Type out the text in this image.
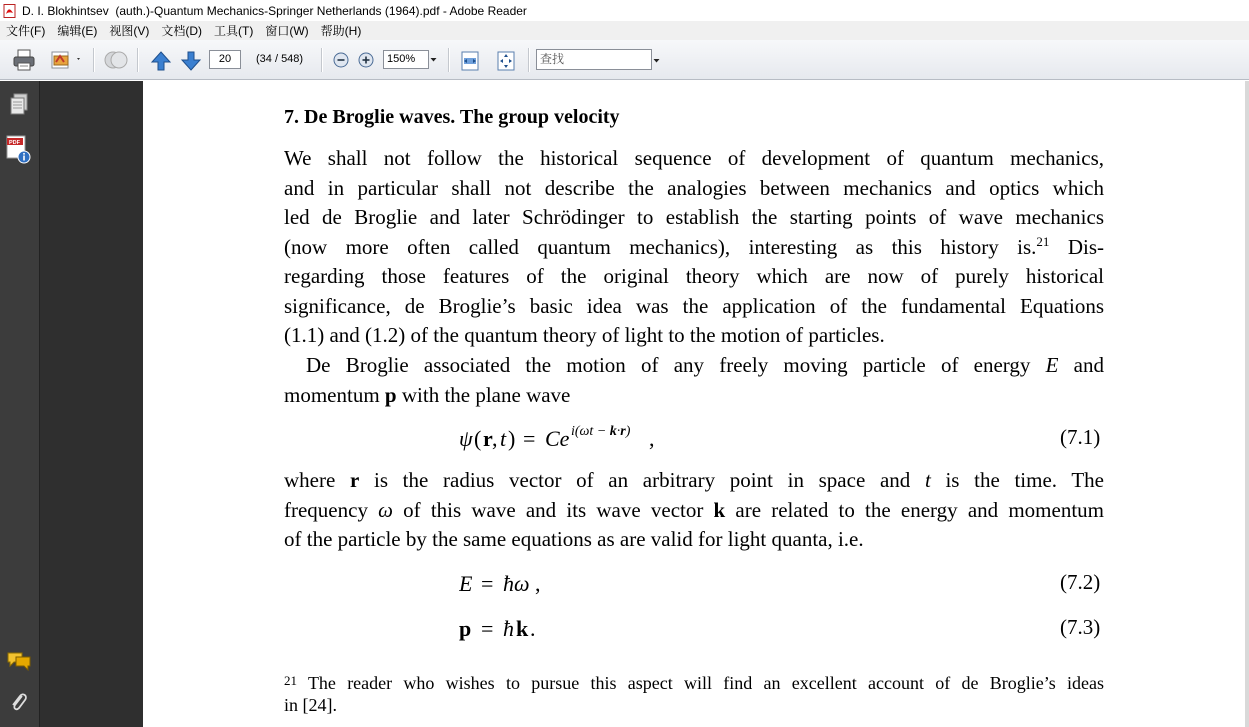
D. I. Blokhintsev  (auth.)-Quantum Mechanics-Springer Netherlands (1964).pdf - Adobe Reader
文件(F)	编辑(E)	视图(V)	文档(D)	工具(T)	窗口(W)	帮助(H)
20	(34 / 548)	150%	查找
PDF
7. De Broglie waves. The group velocity
We shall not follow the historical sequence of development of quantum mechanics,
and in particular shall not describe the analogies between mechanics and optics which
led de Broglie and later Schrödinger to establish the starting points of wave mechanics
(now more often called quantum mechanics), interesting as this history is.$^{21}$ Dis-
regarding those features of the original theory which are now of purely historical
significance, de Broglie’s basic idea was the application of the fundamental Equations
(1.1) and (1.2) of the quantum theory of light to the motion of particles.
De Broglie associated the motion of any freely moving particle of energy E and
momentum p with the plane wave
ψ ( r , t ) = Ce i(ωt − k·r) ,	(7.1)
where r is the radius vector of an arbitrary point in space and t is the time. The
frequency ω of this wave and its wave vector k are related to the energy and momentum
of the particle by the same equations as are valid for light quanta, i.e.
E = ħω ,	(7.2)
p = ħ k .	(7.3)
$^{21}$ The reader who wishes to pursue this aspect will find an excellent account of de Broglie’s ideas
in [24].
